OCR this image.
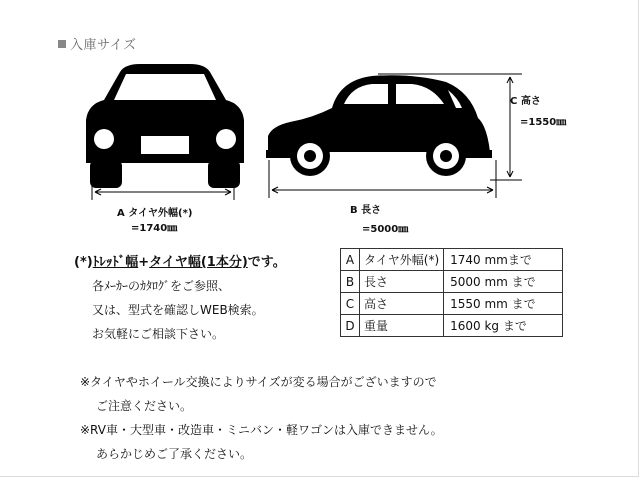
入庫サイズ
A タイヤ外幅(*)
=1740㎜
B 長さ
=5000㎜
C 高さ
=1550㎜
(*)ﾄﾚｯﾄﾞ幅+タイヤ幅(1本分)です。
各ﾒｰｶｰのｶﾀﾛｸﾞをご参照、
又は、型式を確認しWEB検索。
お気軽にご相談下さい。
A	タイヤ外幅(*)	1740 mmまで
B	長さ	5000 mm まで
C	高さ	1550 mm まで
D	重量	1600 kg まで
※タイヤやホイール交換によりサイズが変る場合がございますので
ご注意ください。
※RV車・大型車・改造車・ミニバン・軽ワゴンは入庫できません。
あらかじめご了承ください。
